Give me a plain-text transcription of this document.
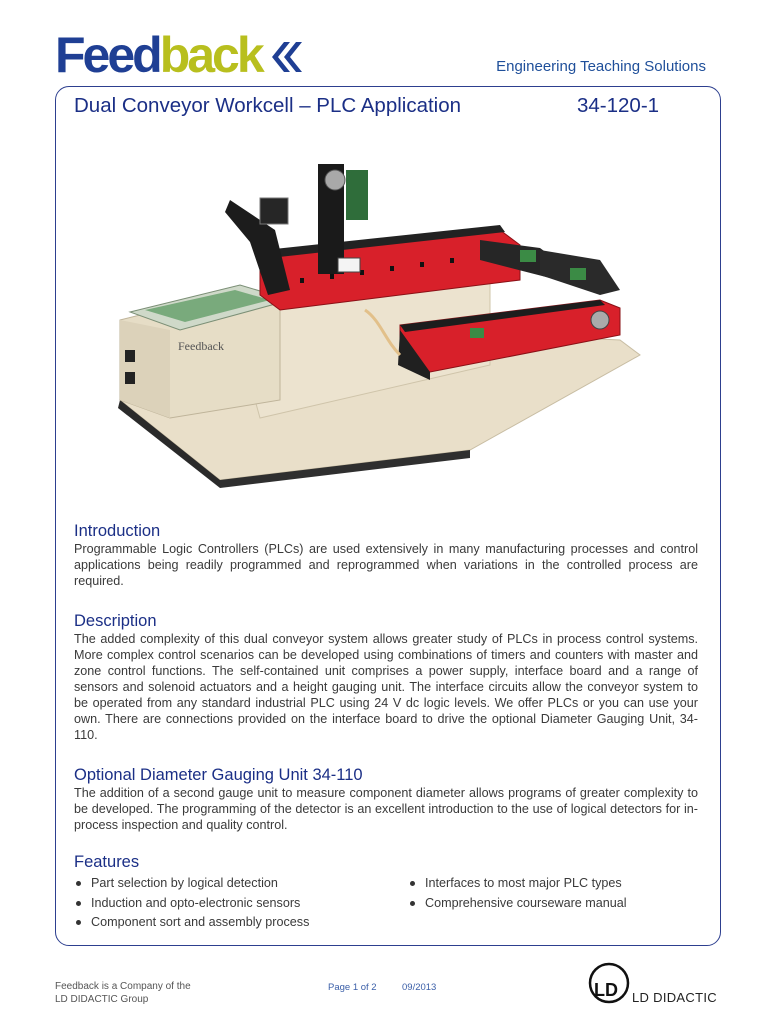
Feedback	Engineering Teaching Solutions
Dual Conveyor Workcell – PLC Application	34-120-1
Feedback
Introduction

Programmable Logic Controllers (PLCs) are used extensively in many manufacturing processes and control applications being readily programmed and reprogrammed when variations in the controlled process are required.

Description

The added complexity of this dual conveyor system allows greater study of PLCs in process control systems. More complex control scenarios can be developed using combinations of timers and counters with master and zone control functions. The self-contained unit comprises a power supply, interface board and a range of sensors and solenoid actuators and a height gauging unit. The interface circuits allow the conveyor system to be operated from any standard industrial PLC using 24 V dc logic levels. We offer PLCs or you can use your own. There are connections provided on the interface board to drive the optional Diameter Gauging Unit, 34-110.

Optional Diameter Gauging Unit 34-110

The addition of a second gauge unit to measure component diameter allows programs of greater complexity to be developed. The programming of the detector is an excellent introduction to the use of logical detectors for in-process inspection and quality control.

Features
Part selection by logical detection
Induction and opto-electronic sensors
Component sort and assembly process
Interfaces to most major PLC types
Comprehensive courseware manual
Feedback is a Company of the
LD DIDACTIC Group
Page 1 of 2	09/2013	LD LD DIDACTIC
